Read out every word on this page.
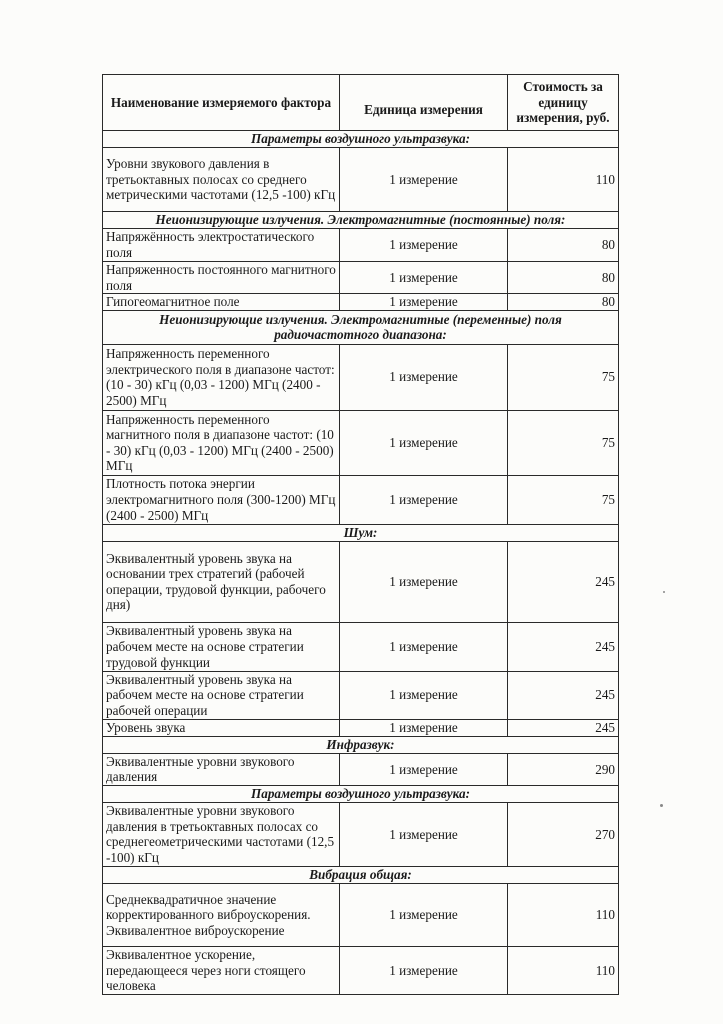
Наименование измеряемого фактора	Единица измерения	Стоимость за единицу измерения, руб.
Параметры воздушного ультразвука:		
Уровни звукового давления в третьоктавных полосах со среднего метрическими частотами (12,5 -100) кГц	1 измерение	110
Неионизирующие излучения. Электромагнитные (постоянные) поля:		
Напряжённость электростатического поля	1 измерение	80
Напряженность постоянного магнитного поля	1 измерение	80
Гипогеомагнитное поле	1 измерение	80
Неионизирующие излучения. Электромагнитные (переменные) поля радиочастотного диапазона:		
Напряженность переменного электрического поля в диапазоне частот: (10 - 30) кГц (0,03 - 1200) МГц (2400 - 2500) МГц	1 измерение	75
Напряженность переменного магнитного поля в диапазоне частот: (10 - 30) кГц (0,03 - 1200) МГц (2400 - 2500) МГц	1 измерение	75
Плотность потока энергии электромагнитного поля (300-1200) МГц (2400 - 2500) МГц	1 измерение	75
Шум:		
Эквивалентный уровень звука на основании трех стратегий (рабочей операции, трудовой функции, рабочего дня)	1 измерение	245
Эквивалентный уровень звука на рабочем месте на основе стратегии трудовой функции	1 измерение	245
Эквивалентный уровень звука на рабочем месте на основе стратегии рабочей операции	1 измерение	245
Уровень звука	1 измерение	245
Инфразвук:		
Эквивалентные уровни звукового давления	1 измерение	290
Параметры воздушного ультразвука:		
Эквивалентные уровни звукового давления в третьоктавных полосах со среднегеометрическими частотами (12,5 -100) кГц	1 измерение	270
Вибрация общая:		
Среднеквадратичное значение корректированного виброускорения. Эквивалентное виброускорение	1 измерение	110
Эквивалентное ускорение, передающееся через ноги стоящего человека	1 измерение	110
